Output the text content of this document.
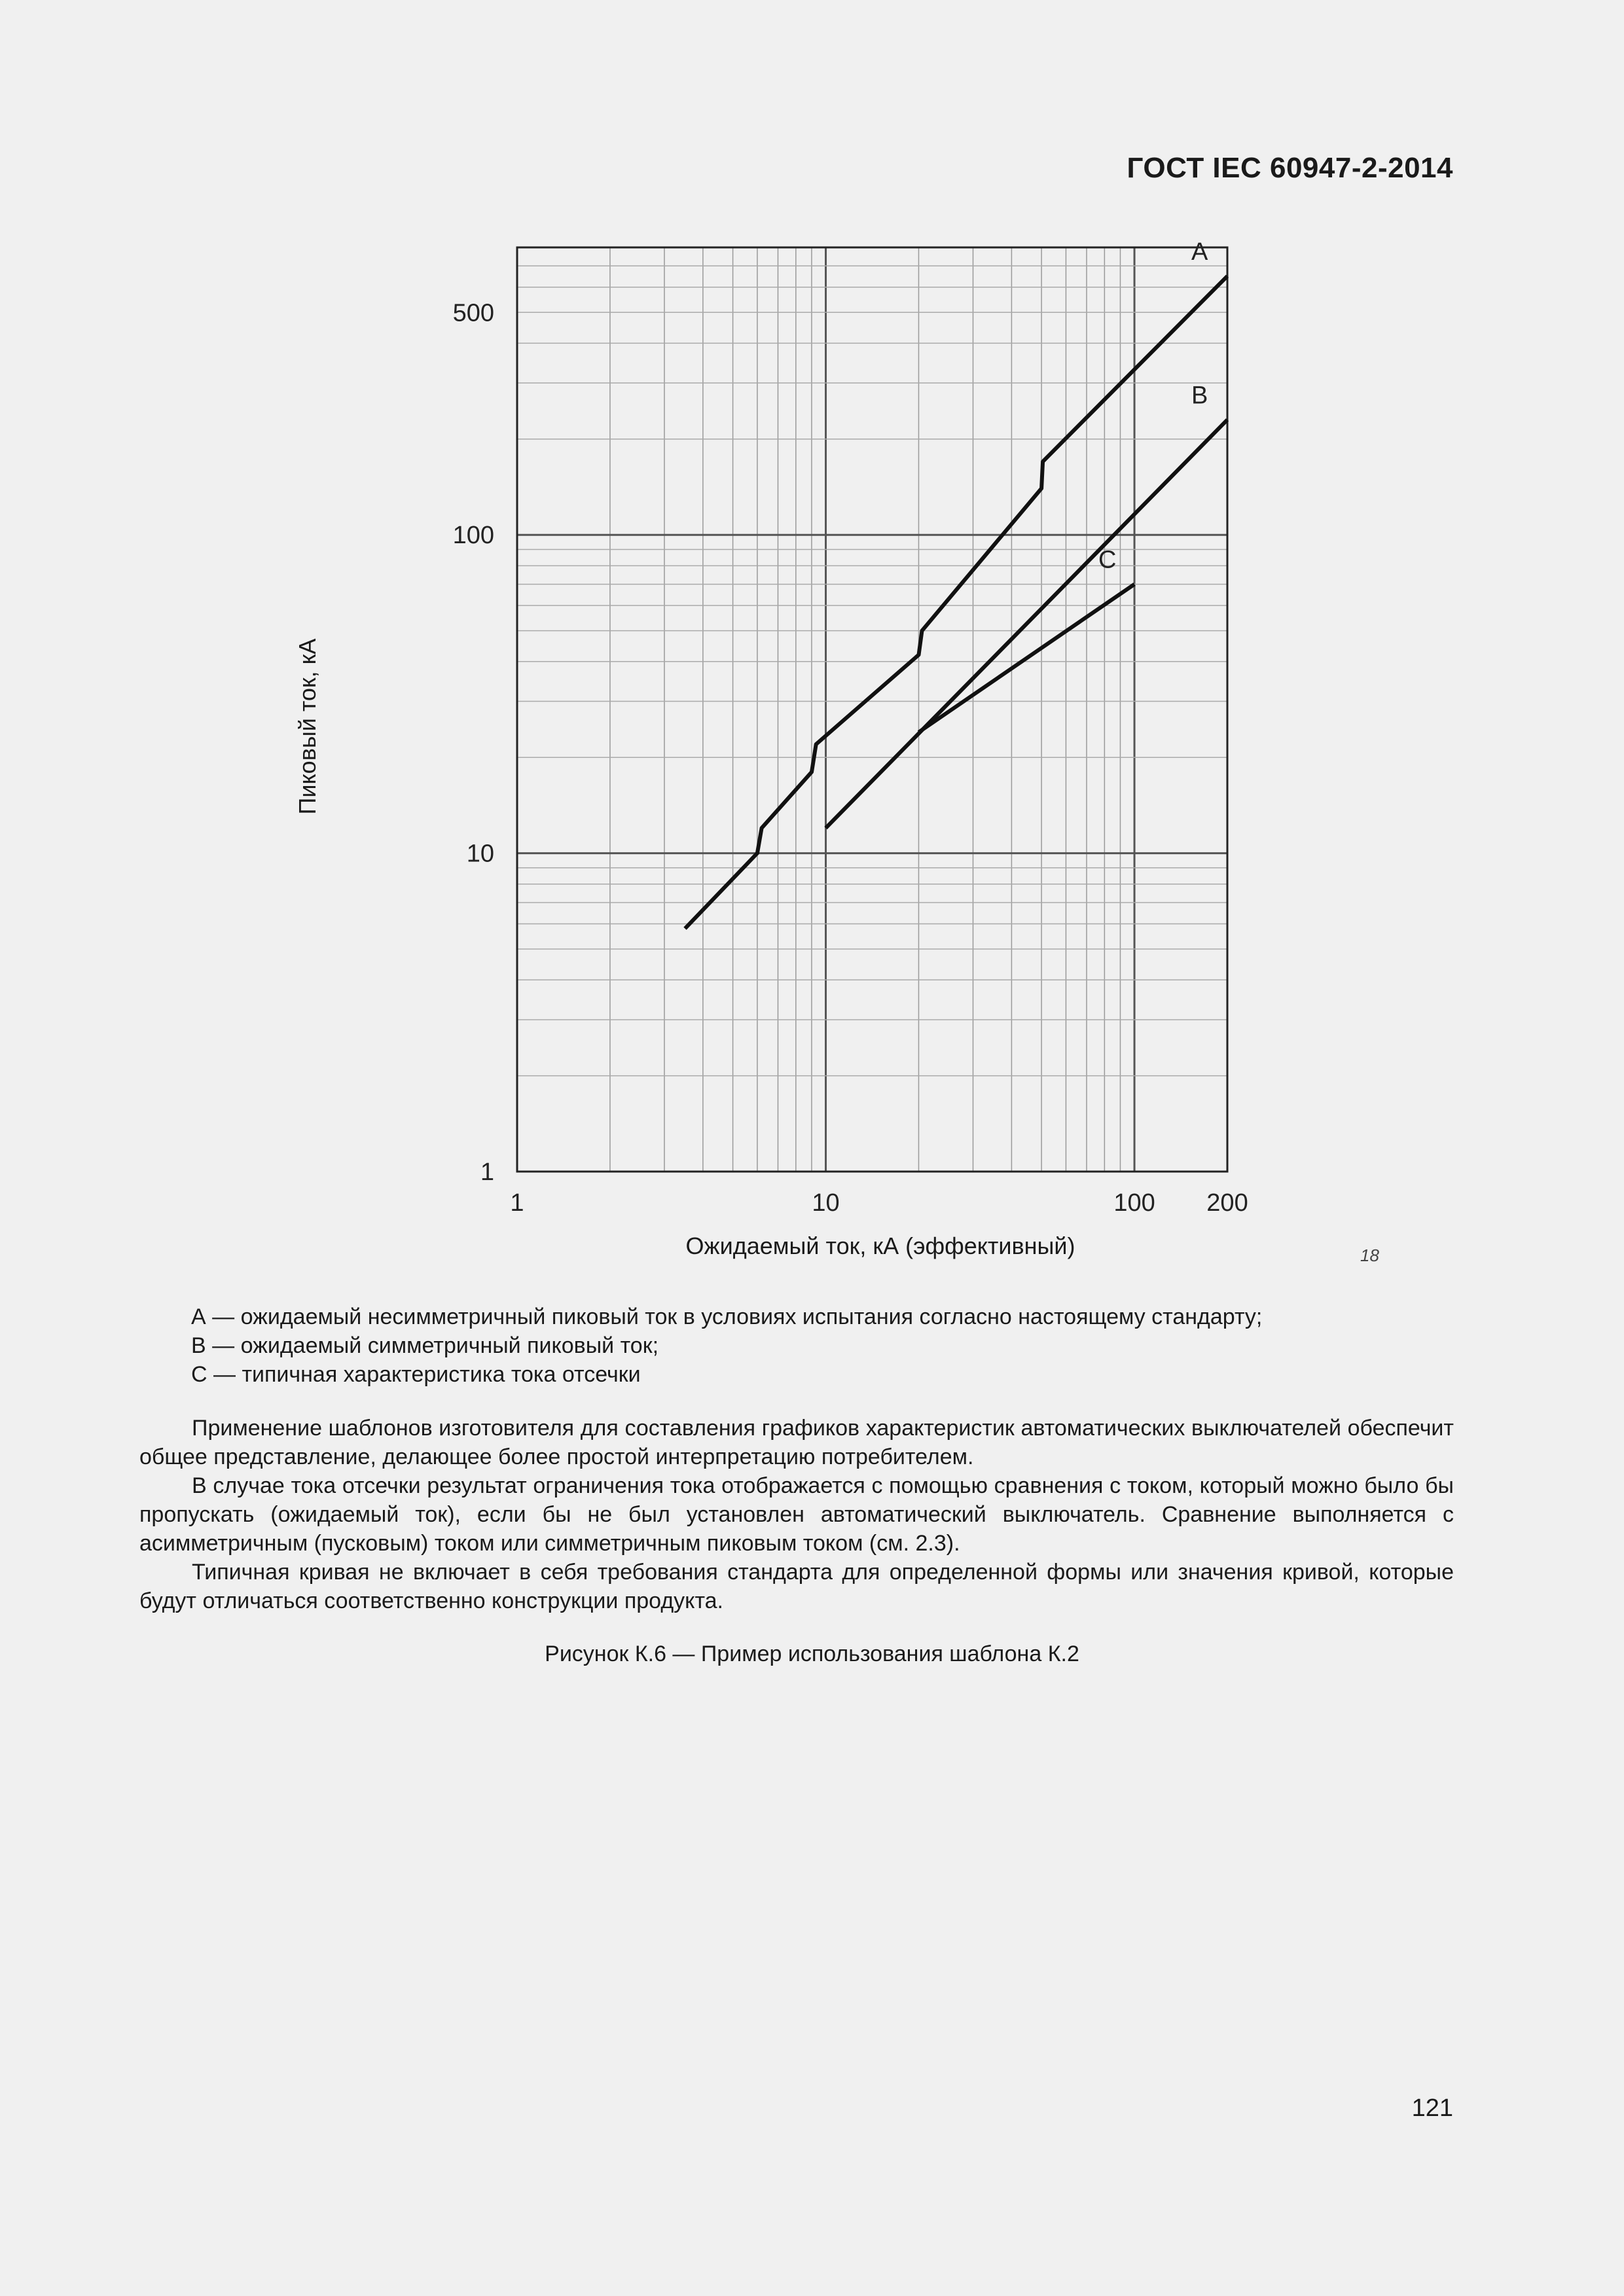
ГОСТ IEC 60947-2-2014
1	10	100 200
1
10
100
500
A
B
C
Ожидаемый ток, кА (эффективный)
Пиковый ток, кА
18
А — ожидаемый несимметричный пиковый ток в условиях испытания согласно настоящему стандарту;
В — ожидаемый симметричный пиковый ток;
С — типичная характеристика тока отсечки

Применение шаблонов изготовителя для составления графиков характеристик автоматических выключателей обеспечит общее представление, делающее более простой интерпретацию потребителем.

В случае тока отсечки результат ограничения тока отображается с помощью сравнения с током, который можно было бы пропускать (ожидаемый ток), если бы не был установлен автоматический выключатель. Сравнение выполняется с асимметричным (пусковым) током или симметричным пиковым током (см. 2.3).

Типичная кривая не включает в себя требования стандарта для определенной формы или значения кривой, которые будут отличаться соответственно конструкции продукта.

Рисунок К.6 — Пример использования шаблона К.2
121
